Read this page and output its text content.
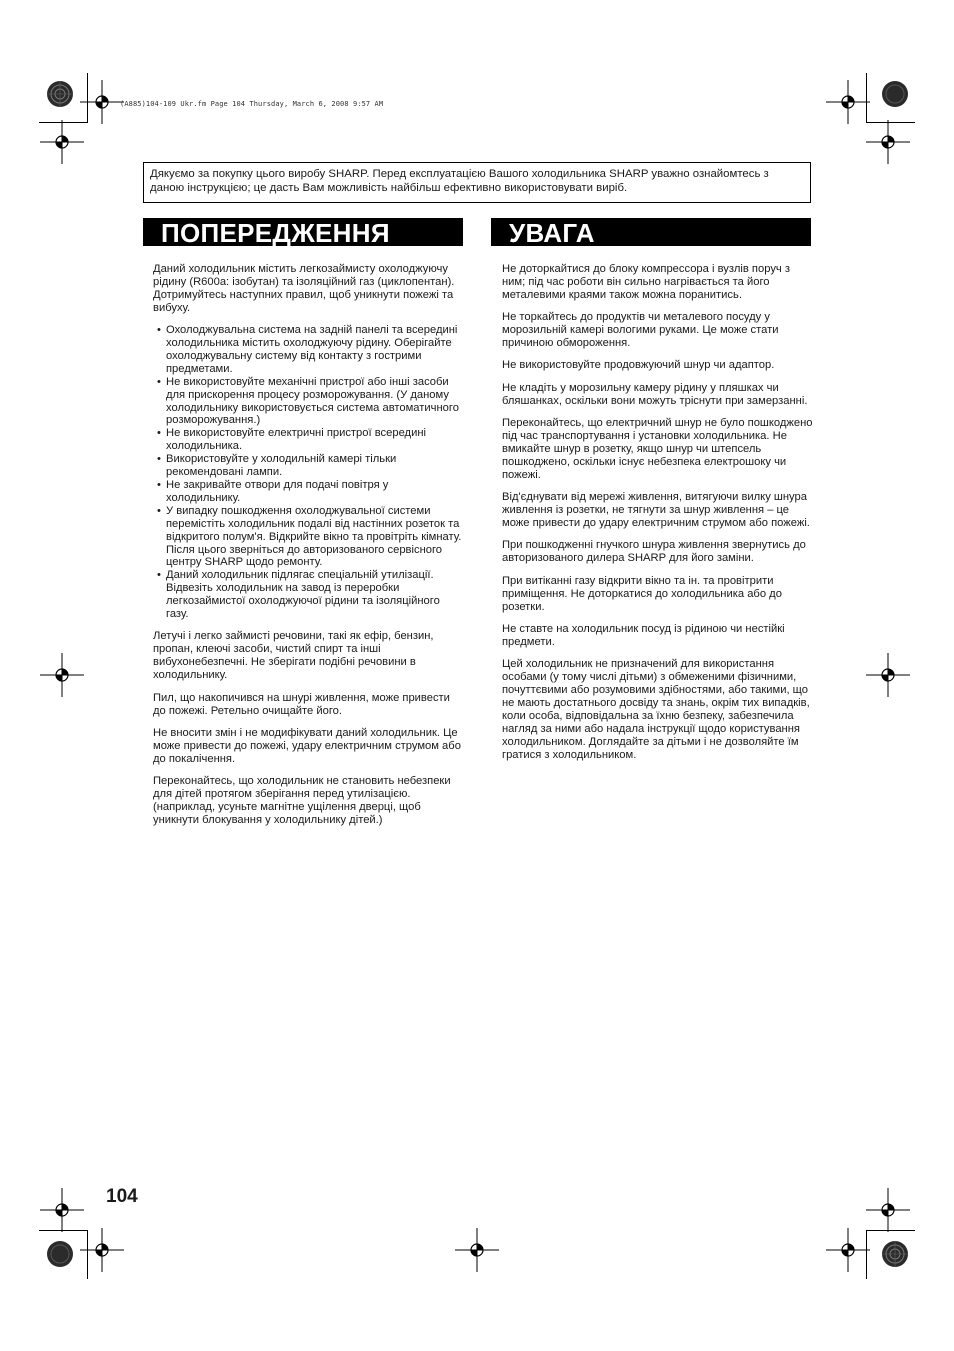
(A885)104-109 Ukr.fm Page 104 Thursday, March 6, 2008 9:57 AM
Дякуємо за покупку цього виробу SHARP. Перед експлуатацією Вашого холодильника SHARP уважно ознайомтесь з даною інструкцією; це дасть Вам можливість найбільш ефективно використовувати виріб.
ПОПЕРЕДЖЕННЯ	УВАГА

Даний холодильник містить легкозаймисту охолоджуючу рідину (R600a: ізобутан) та ізоляційний газ (циклопентан). Дотримуйтесь наступних правил, щоб уникнути пожежі та вибуху.

• Охолоджувальна система на задній панелі та всередині холодильника містить охолоджуючу рідину. Оберігайте охолоджувальну систему від контакту з гострими предметами.
• Не використовуйте механічні пристрої або інші засоби для прискорення процесу розморожування. (У даному холодильнику використовується система автоматичного розморожування.)
• Не використовуйте електричні пристрої всередині холодильника.
• Використовуйте у холодильній камері тільки рекомендовані лампи.
• Не закривайте отвори для подачі повітря у холодильнику.
• У випадку пошкодження охолоджувальної системи перемістіть холодильник подалі від настінних розеток та відкритого полум'я. Відкрийте вікно та провітріть кімнату. Після цього зверніться до авторизованого сервісного центру SHARP щодо ремонту.
• Даний холодильник підлягає спеціальній утилізації. Відвезіть холодильник на завод із переробки легкозаймистої охолоджуючої рідини та ізоляційного газу.

Летучі і легко займисті речовини, такі як ефір, бензин, пропан, клеючі засоби, чистий спирт та інші вибухонебезпечні. Не зберігати подібні речовини в холодильнику.

Пил, що накопичився на шнурі живлення, може привести до пожежі. Ретельно очищайте його.

Не вносити змін і не модифікувати даний холодильник. Це може привести до пожежі, удару електричним струмом або до покалічення.

Переконайтесь, що холодильник не становить небезпеки для дітей протягом зберігання перед утилізацією. (наприклад, усуньте магнітне ущілення дверці, щоб уникнути блокування у холодильнику дітей.)

Не доторкайтися до блоку компрессора і вузлів поруч з ним; під час роботи він сильно нагрівається та його металевими краями також можна поранитись.

Не торкайтесь до продуктів чи металевого посуду у морозильній камері вологими руками. Це може стати причиною обмороження.

Не використовуйте продовжуючий шнур чи адаптор.

Не кладіть у морозильну камеру рідину у пляшках чи бляшанках, оскільки вони можуть тріснути при замерзанні.

Переконайтесь, що електричний шнур не було пошкоджено під час транспортування і установки холодильника. Не вмикайте шнур в розетку, якщо шнур чи штепсель пошкоджено, оскільки існує небезпека електрошоку чи пожежі.

Від'єднувати від мережі живлення, витягуючи вилку шнура живлення із розетки, не тягнути за шнур живлення – це може привести до удару електричним струмом або пожежі.

При пошкодженні гнучкого шнура живлення звернутись до авторизованого дилера SHARP для його заміни.

При витіканні газу відкрити вікно та ін. та провітрити приміщення. Не доторкатися до холодильника або до розетки.

Не ставте на холодильник посуд із рідиною чи нестійкі предмети.

Цей холодильник не призначений для використання особами (у тому числі дітьми) з обмеженими фізичними, почуттєвими або розумовими здібностями, або такими, що не мають достатнього досвіду та знань, окрім тих випадків, коли особа, відповідальна за їхню безпеку, забезпечила нагляд за ними або надала інструкції щодо користування холодильником. Доглядайте за дітьми і не дозволяйте їм гратися з холодильником.

104
